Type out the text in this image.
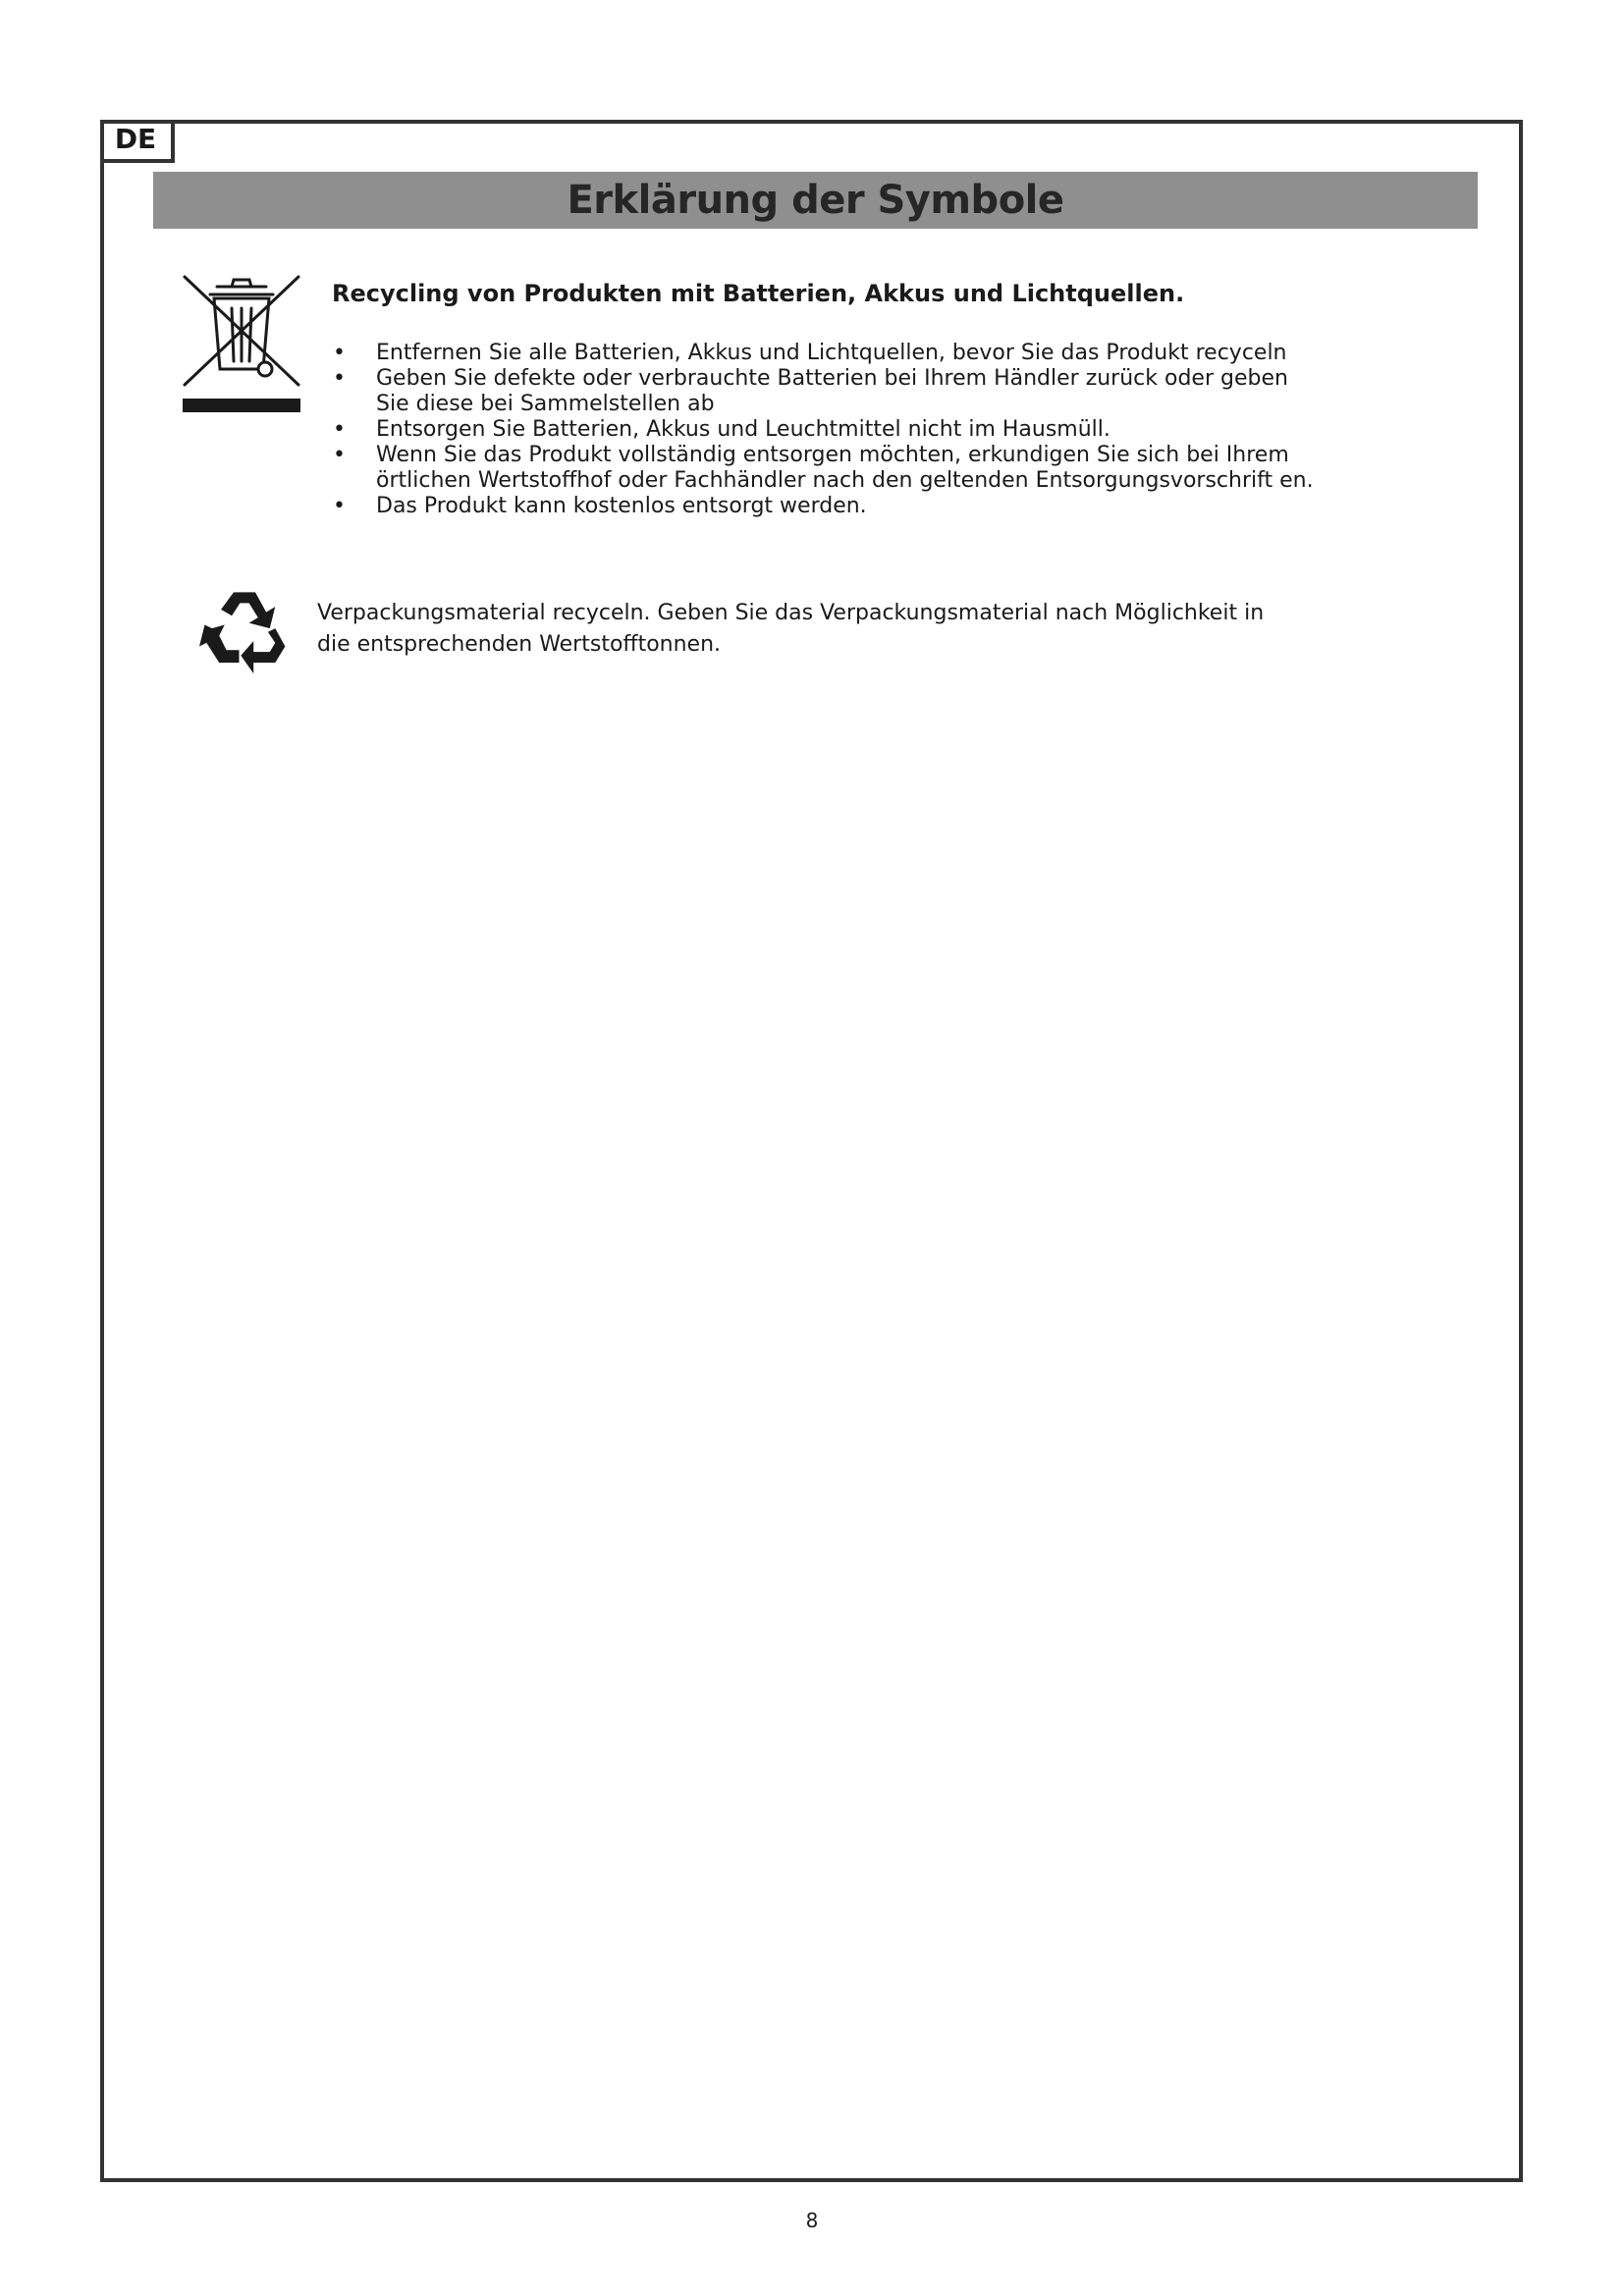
DE
Erklärung der Symbole
Recycling von Produkten mit Batterien, Akkus und Lichtquellen.
• Entfernen Sie alle Batterien, Akkus und Lichtquellen, bevor Sie das Produkt recyceln
• Geben Sie defekte oder verbrauchte Batterien bei Ihrem Händler zurück oder geben Sie diese bei Sammelstellen ab
• Entsorgen Sie Batterien, Akkus und Leuchtmittel nicht im Hausmüll.
• Wenn Sie das Produkt vollständig entsorgen möchten, erkundigen Sie sich bei Ihrem örtlichen Wertstoffhof oder Fachhändler nach den geltenden Entsorgungsvorschrift en.
• Das Produkt kann kostenlos entsorgt werden.
Verpackungsmaterial recyceln. Geben Sie das Verpackungsmaterial nach Möglichkeit in die entsprechenden Wertstofftonnen.
8
